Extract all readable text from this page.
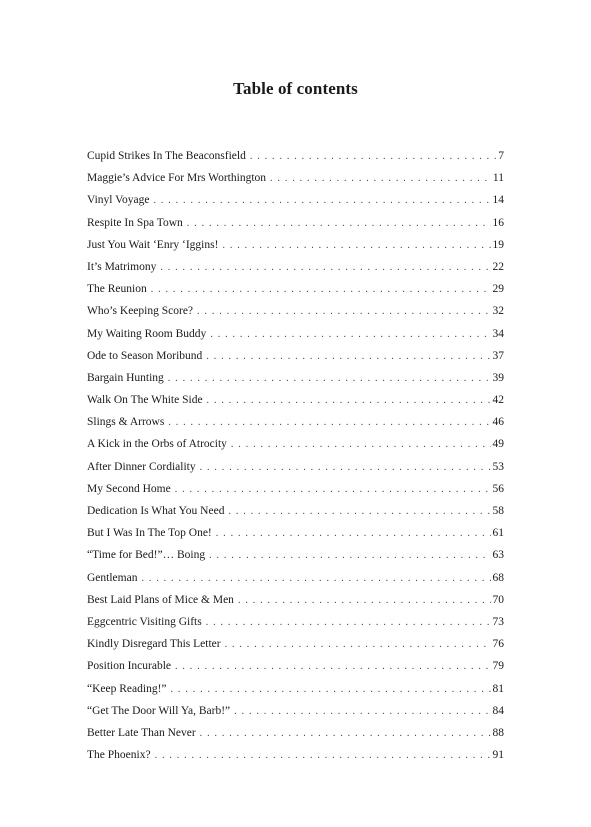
Table of contents
Cupid Strikes In The Beaconsfield . . .	7
Maggie’s Advice For Mrs Worthington . . .	11
Vinyl Voyage . . .	14
Respite In Spa Town . . .	16
Just You Wait ‘Enry ‘Iggins! . . .	19
It’s Matrimony . . .	22
The Reunion . . .	29
Who’s Keeping Score? . . .	32
My Waiting Room Buddy . . .	34
Ode to Season Moribund . . .	37
Bargain Hunting . . .	39
Walk On The White Side . . .	42
Slings & Arrows . . .	46
A Kick in the Orbs of Atrocity . . .	49
After Dinner Cordiality . . .	53
My Second Home . . .	56
Dedication Is What You Need . . .	58
But I Was In The Top One! . . .	61
“Time for Bed!”… Boing . . .	63
Gentleman . . .	68
Best Laid Plans of Mice & Men . . .	70
Eggcentric Visiting Gifts . . .	73
Kindly Disregard This Letter . . .	76
Position Incurable . . .	79
“Keep Reading!” . . .	81
“Get The Door Will Ya, Barb!” . . .	84
Better Late Than Never . . .	88
The Phoenix? . . .	91
